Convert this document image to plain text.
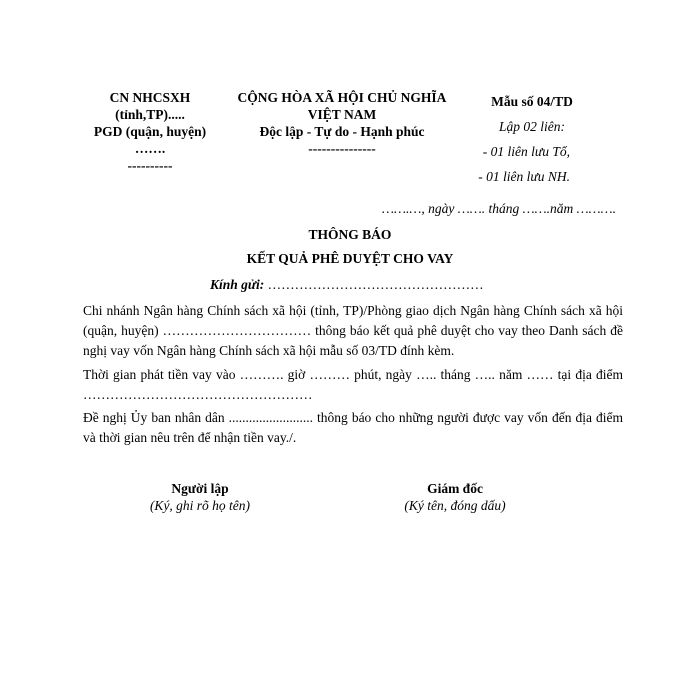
CN NHCSXH
(tỉnh,TP).....
PGD (quận, huyện)
…….
----------
CỘNG HÒA XÃ HỘI CHỦ NGHĨA
VIỆT NAM
Độc lập - Tự do - Hạnh phúc
---------------
Mẫu số 04/TD
Lập 02 liên:
- 01 liên lưu Tổ,
- 01 liên lưu NH.
…….…, ngày ……. tháng …….năm ……….
THÔNG BÁO
KẾT QUẢ PHÊ DUYỆT CHO VAY
Kính gửi: …………………………………………
Chi nhánh Ngân hàng Chính sách xã hội (tỉnh, TP)/Phòng giao dịch Ngân hàng Chính sách xã hội (quận, huyện) …………………………… thông báo kết quả phê duyệt cho vay theo Danh sách đề nghị vay vốn Ngân hàng Chính sách xã hội mẫu số 03/TD đính kèm.
Thời gian phát tiền vay vào ………. giờ ……… phút, ngày ….. tháng ….. năm …… tại địa điểm ……………………………………………
Đề nghị Ủy ban nhân dân ......................... thông báo cho những người được vay vốn đến địa điểm và thời gian nêu trên để nhận tiền vay./.
Người lập
(Ký, ghi rõ họ tên)
Giám đốc
(Ký tên, đóng dấu)
